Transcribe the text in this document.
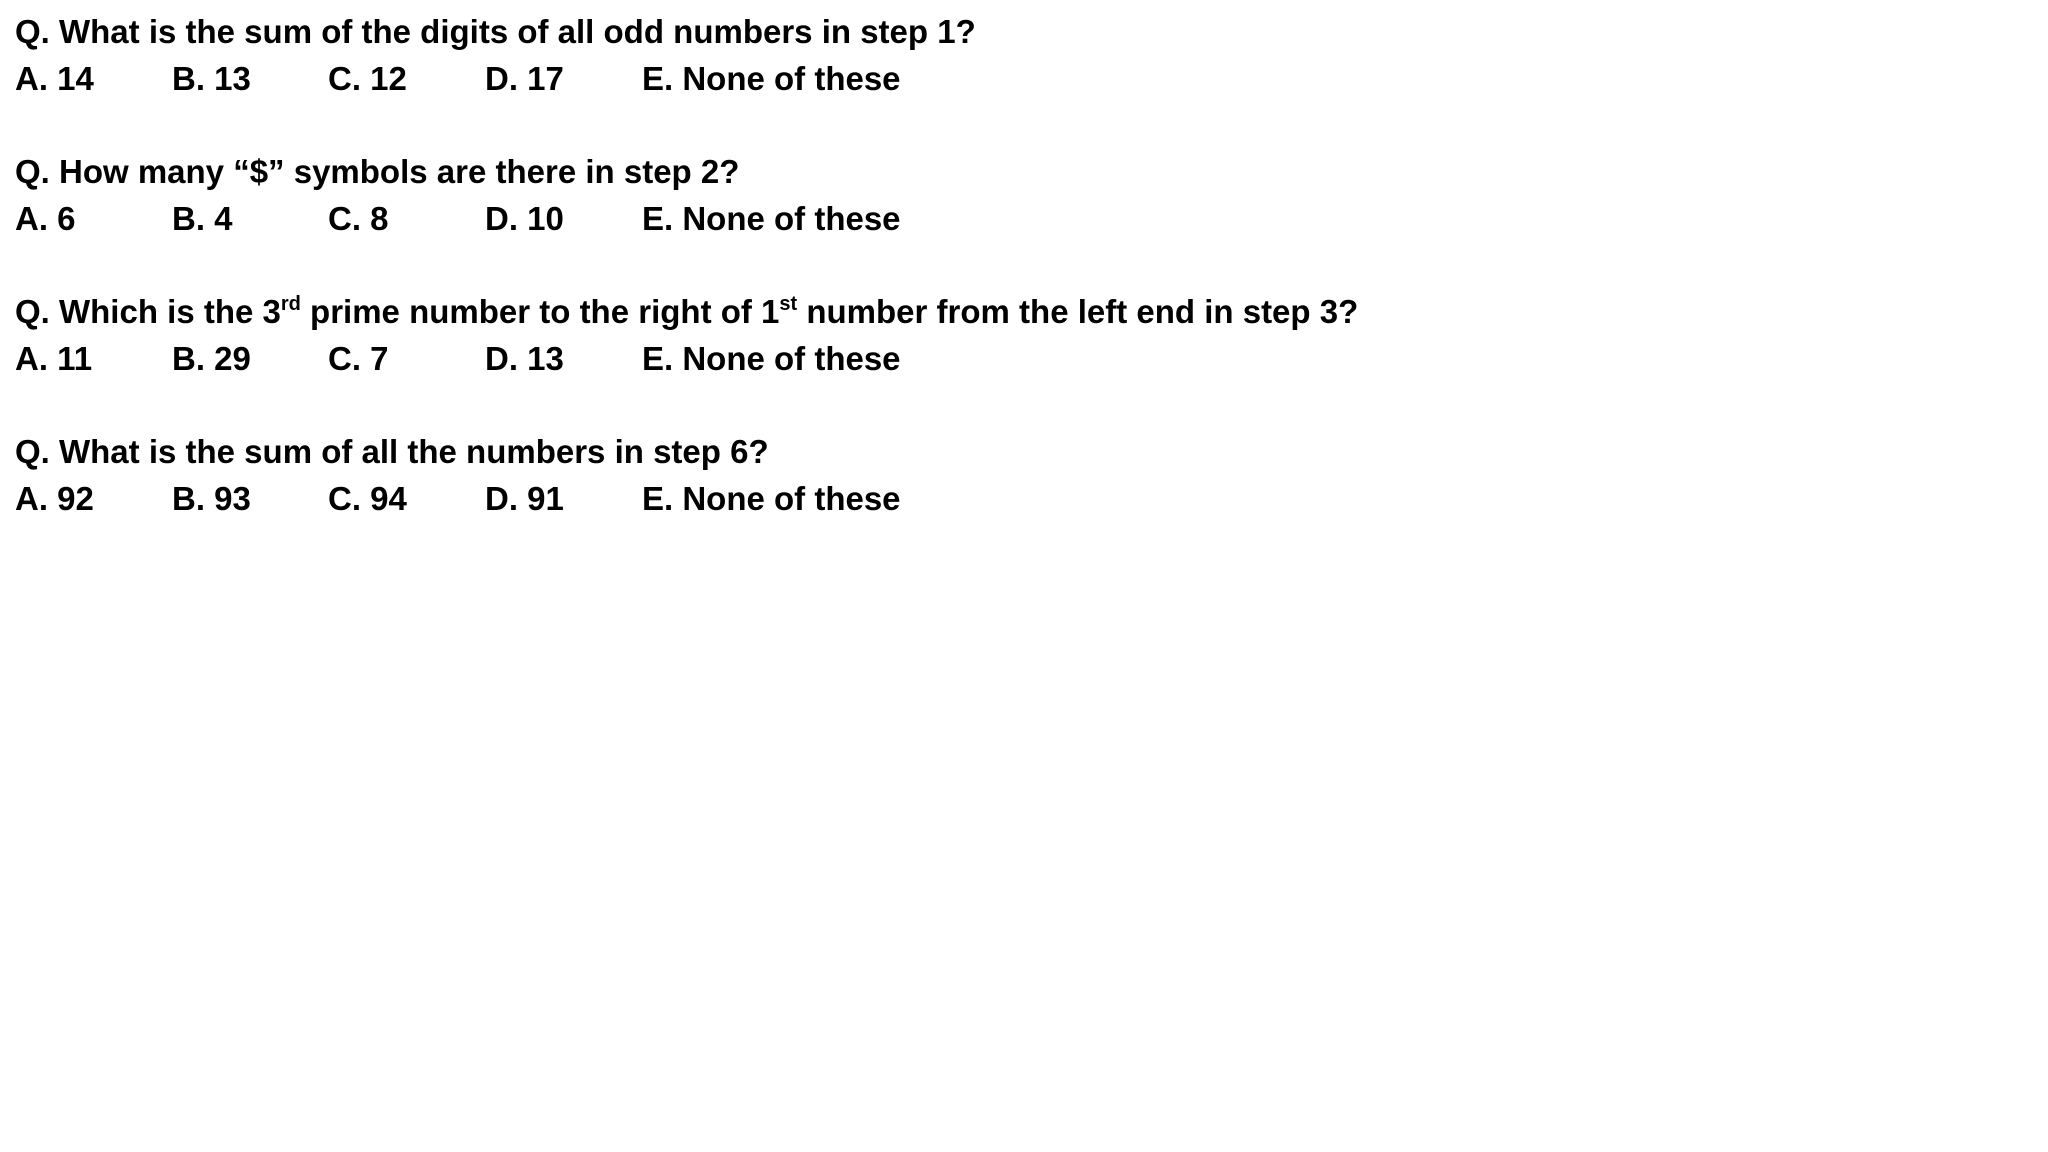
Q. What is the sum of the digits of all odd numbers in step 1?

A. 14 B. 13 C. 12 D. 17 E. None of these

Q. How many “$” symbols are there in step 2?

A. 6	B. 4	C. 8	D. 10 E. None of these

Q. Which is the 3rd prime number to the right of 1st number from the left end in step 3?

A. 11 B. 29 C. 7	D. 13 E. None of these

Q. What is the sum of all the numbers in step 6?

A. 92 B. 93 C. 94 D. 91 E. None of these
